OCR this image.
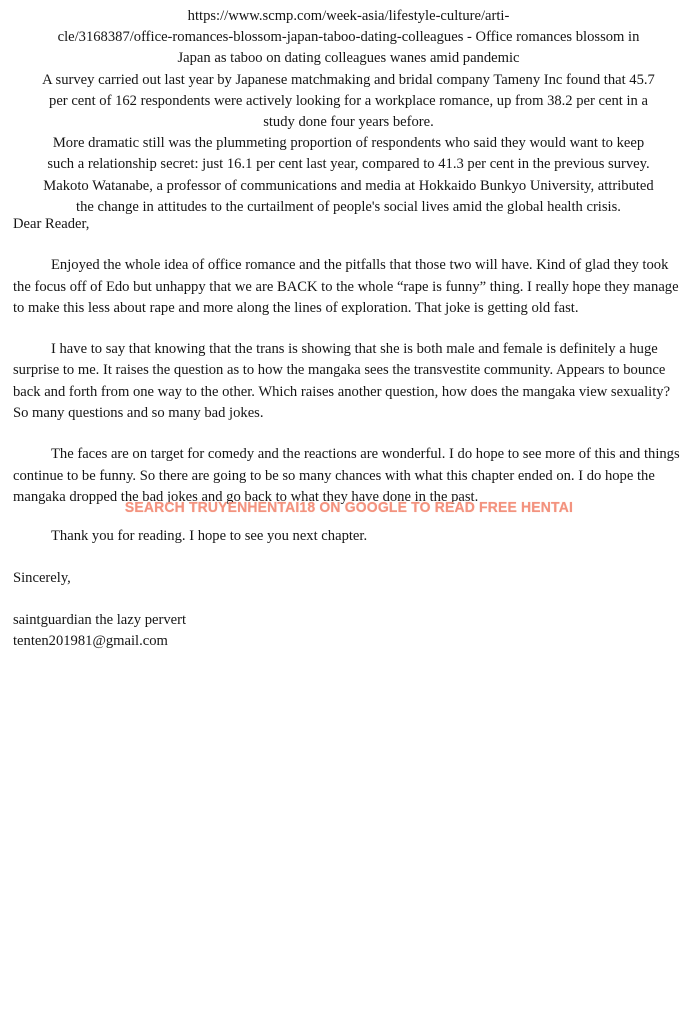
https://www.scmp.com/week-asia/lifestyle-culture/arti-
cle/3168387/office-romances-blossom-japan-taboo-dating-colleagues - Office romances blossom in
Japan as taboo on dating colleagues wanes amid pandemic
A survey carried out last year by Japanese matchmaking and bridal company Tameny Inc found that 45.7
per cent of 162 respondents were actively looking for a workplace romance, up from 38.2 per cent in a
study done four years before.
More dramatic still was the plummeting proportion of respondents who said they would want to keep
such a relationship secret: just 16.1 per cent last year, compared to 41.3 per cent in the previous survey.
Makoto Watanabe, a professor of communications and media at Hokkaido Bunkyo University, attributed
the change in attitudes to the curtailment of people's social lives amid the global health crisis.

Dear Reader,

Enjoyed the whole idea of office romance and the pitfalls that those two will have. Kind of glad they took the focus off of Edo but unhappy that we are BACK to the whole “rape is funny” thing. I really hope they manage to make this less about rape and more along the lines of exploration. That joke is getting old fast.

I have to say that knowing that the trans is showing that she is both male and female is definitely a huge surprise to me. It raises the question as to how the mangaka sees the transvestite community. Appears to bounce back and forth from one way to the other. Which raises another question, how does the mangaka view sexuality? So many questions and so many bad jokes.

The faces are on target for comedy and the reactions are wonderful. I do hope to see more of this and things continue to be funny. So there are going to be so many chances with what this chapter ended on. I do hope the mangaka dropped the bad jokes and go back to what they have done in the past.

Thank you for reading. I hope to see you next chapter.

Sincerely,

saintguardian the lazy pervert
tenten201981@gmail.com

SEARCH TRUYENHENTAI18 ON GOOGLE TO READ FREE HENTAI
